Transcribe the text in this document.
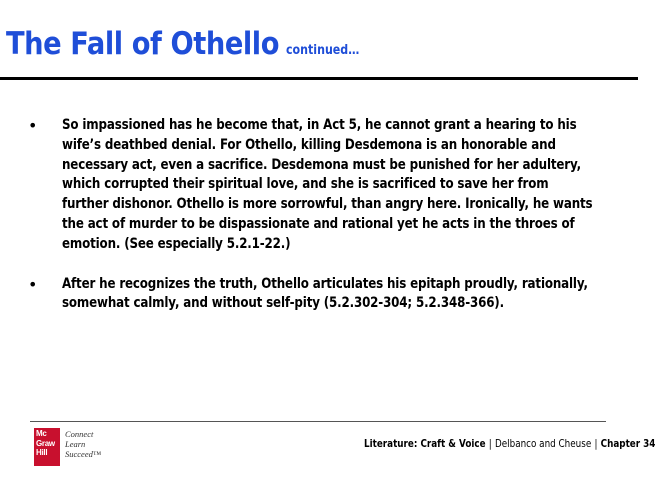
The Fall of Othello continued…
• So impassioned has he become that, in Act 5, he cannot grant a hearing to his wife’s deathbed denial. For Othello, killing Desdemona is an honorable and necessary act, even a sacrifice. Desdemona must be punished for her adultery, which corrupted their spiritual love, and she is sacrificed to save her from further dishonor. Othello is more sorrowful, than angry here. Ironically, he wants the act of murder to be dispassionate and rational yet he acts in the throes of emotion. (See especially 5.2.1-22.)
• After he recognizes the truth, Othello articulates his epitaph proudly, rationally, somewhat calmly, and without self-pity (5.2.302-304; 5.2.348-366).
Mc
Graw
Hill
Connect
Learn
Succeed™
Literature: Craft & Voice | Delbanco and Cheuse | Chapter 34
